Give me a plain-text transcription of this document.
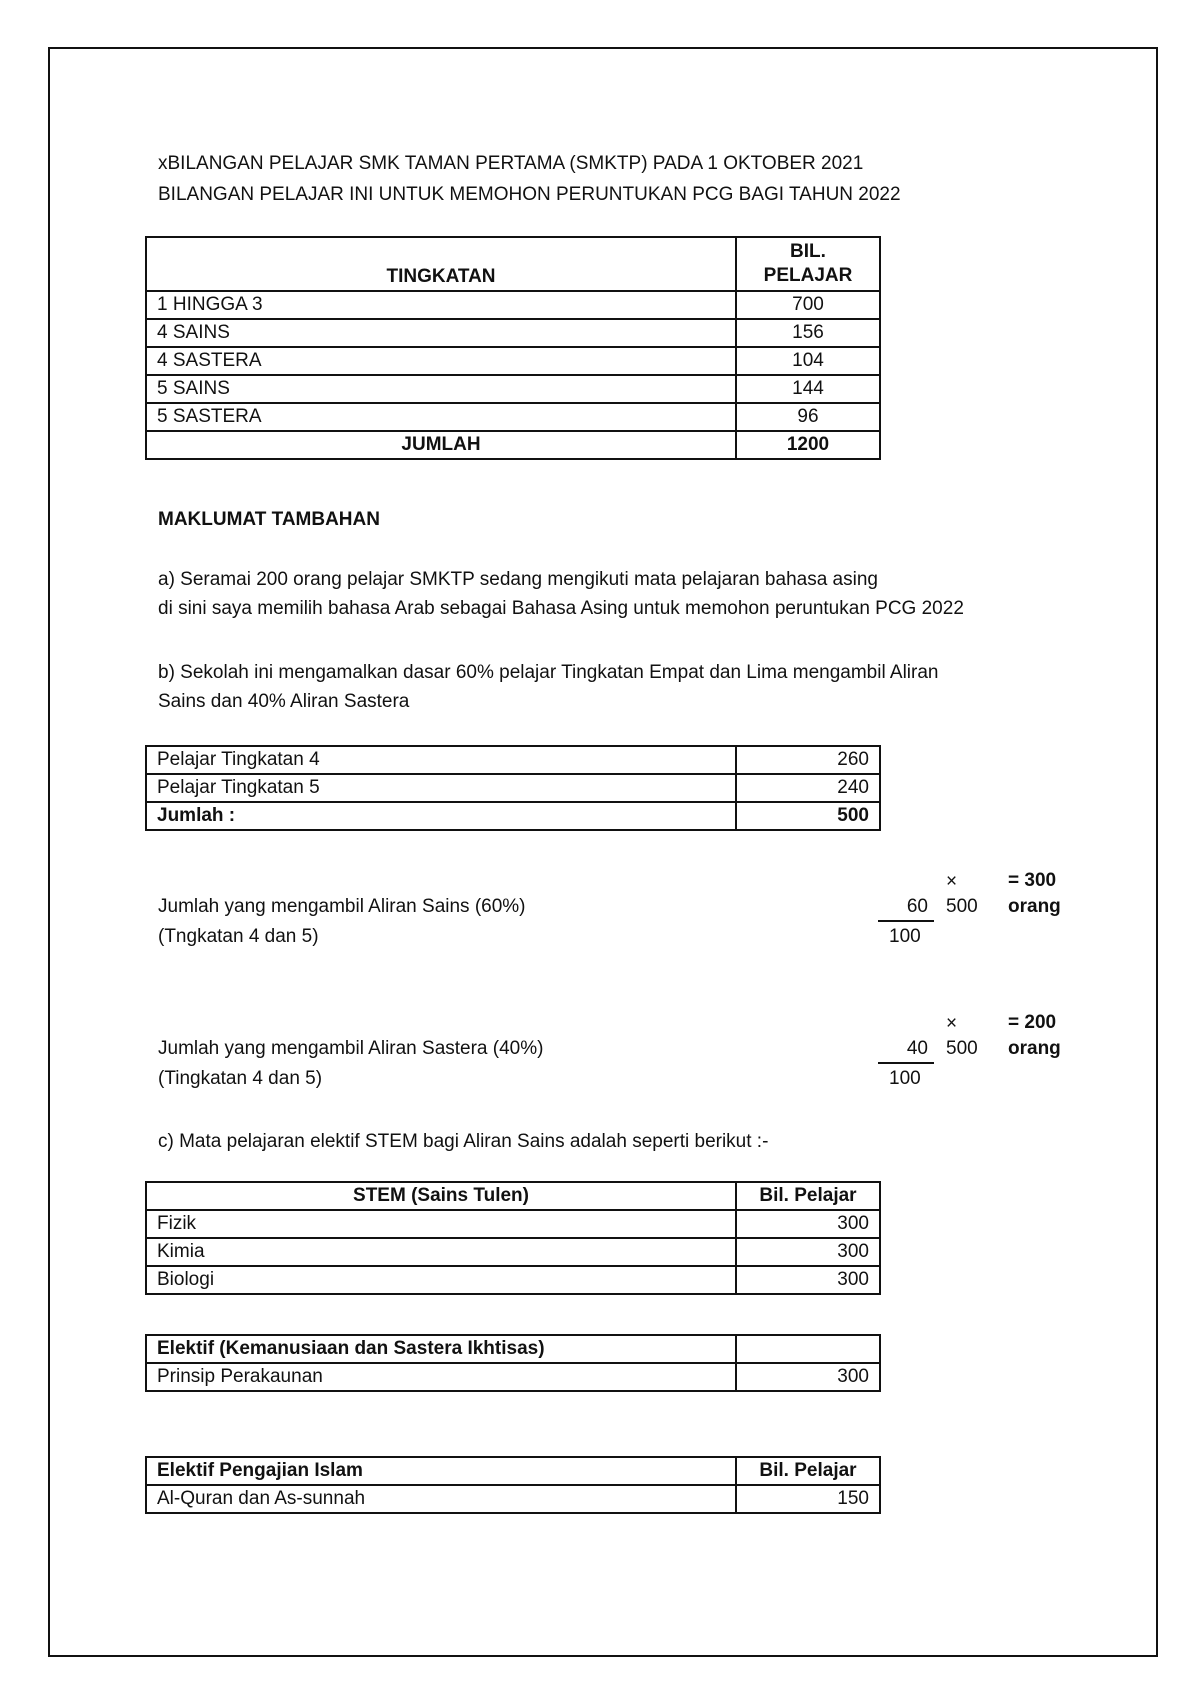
xBILANGAN PELAJAR SMK TAMAN PERTAMA (SMKTP) PADA 1 OKTOBER 2021
BILANGAN PELAJAR INI UNTUK MEMOHON PERUNTUKAN PCG BAGI TAHUN 2022
TINGKATAN	BIL.
PELAJAR

1 HINGGA 3	700
4 SAINS	156
4 SASTERA	104
5 SAINS	144
5 SASTERA	96
JUMLAH	1200
MAKLUMAT TAMBAHAN
a) Seramai 200 orang pelajar SMKTP sedang mengikuti mata pelajaran bahasa asing
di sini saya memilih bahasa Arab sebagai Bahasa Asing untuk memohon peruntukan PCG 2022
b) Sekolah ini mengamalkan dasar 60% pelajar Tingkatan Empat dan Lima mengambil Aliran
Sains dan 40% Aliran Sastera
Pelajar Tingkatan 4	260
Pelajar Tingkatan 5	240
Jumlah :	500
Jumlah yang mengambil Aliran Sains (60%)
(Tngkatan 4 dan 5)
×	= 300
60 500 orang
100
Jumlah yang mengambil Aliran Sastera (40%)
(Tingkatan 4 dan 5)
×	= 200
40 500 orang
100
c) Mata pelajaran elektif STEM bagi Aliran Sains adalah seperti berikut :-
STEM (Sains Tulen)	Bil. Pelajar
Fizik	300
Kimia	300
Biologi	300
Elektif (Kemanusiaan dan Sastera Ikhtisas)	
Prinsip Perakaunan	300
Elektif Pengajian Islam	Bil. Pelajar
Al-Quran dan As-sunnah	150
